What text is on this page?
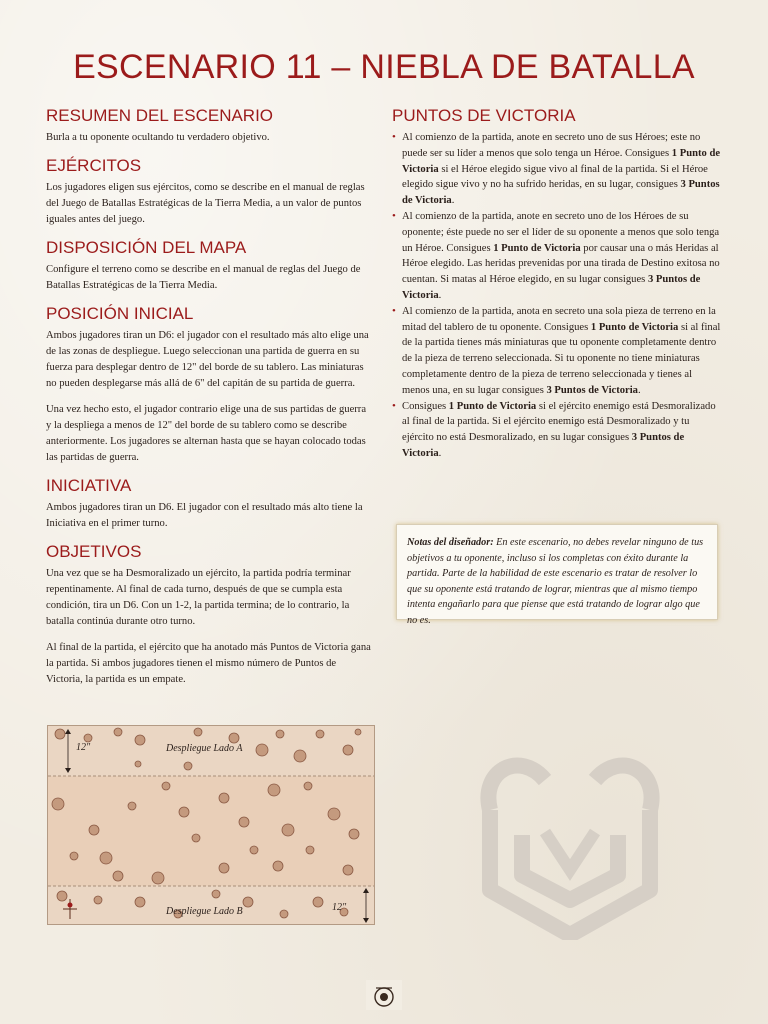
ESCENARIO 11 – NIEBLA DE BATALLA
RESUMEN DEL ESCENARIO

Burla a tu oponente ocultando tu verdadero objetivo.

EJÉRCITOS

Los jugadores eligen sus ejércitos, como se describe en el manual de reglas del Juego de Batallas Estratégicas de la Tierra Media, a un valor de puntos iguales antes del juego.

DISPOSICIÓN DEL MAPA

Configure el terreno como se describe en el manual de reglas del Juego de Batallas Estratégicas de la Tierra Media.

POSICIÓN INICIAL

Ambos jugadores tiran un D6: el jugador con el resultado más alto elige una de las zonas de despliegue. Luego seleccionan una partida de guerra en su fuerza para desplegar dentro de 12" del borde de su tablero. Las miniaturas no pueden desplegarse más allá de 6" del capitán de su partida de guerra.

Una vez hecho esto, el jugador contrario elige una de sus partidas de guerra y la despliega a menos de 12" del borde de su tablero como se describe anteriormente. Los jugadores se alternan hasta que se hayan colocado todas las partidas de guerra.

INICIATIVA

Ambos jugadores tiran un D6. El jugador con el resultado más alto tiene la Iniciativa en el primer turno.

OBJETIVOS

Una vez que se ha Desmoralizado un ejército, la partida podría terminar repentinamente. Al final de cada turno, después de que se cumpla esta condición, tira un D6. Con un 1-2, la partida termina; de lo contrario, la batalla continúa durante otro turno.

Al final de la partida, el ejército que ha anotado más Puntos de Victoria gana la partida. Si ambos jugadores tienen el mismo número de Puntos de Victoria, la partida es un empate.

PUNTOS DE VICTORIA
• Al comienzo de la partida, anote en secreto uno de sus Héroes; este no puede ser su líder a menos que solo tenga un Héroe. Consigues 1 Punto de Victoria si el Héroe elegido sigue vivo al final de la partida. Si el Héroe elegido sigue vivo y no ha sufrido heridas, en su lugar, consigues 3 Puntos de Victoria.
• Al comienzo de la partida, anote en secreto uno de los Héroes de su oponente; éste puede no ser el líder de su oponente a menos que solo tenga un Héroe. Consigues 1 Punto de Victoria por causar una o más Heridas al Héroe elegido. Las heridas prevenidas por una tirada de Destino exitosa no cuentan. Si matas al Héroe elegido, en su lugar consigues 3 Puntos de Victoria.
• Al comienzo de la partida, anota en secreto una sola pieza de terreno en la mitad del tablero de tu oponente. Consigues 1 Punto de Victoria si al final de la partida tienes más miniaturas que tu oponente completamente dentro de la pieza de terreno seleccionada. Si tu oponente no tiene miniaturas completamente dentro de la pieza de terreno seleccionada y tienes al menos una, en su lugar consigues 3 Puntos de Victoria.
• Consigues 1 Punto de Victoria si el ejército enemigo está Desmoralizado al final de la partida. Si el ejército enemigo está Desmoralizado y tu ejército no está Desmoralizado, en su lugar consigues 3 Puntos de Victoria.
Notas del diseñador: En este escenario, no debes revelar ninguno de tus objetivos a tu oponente, incluso si los completas con éxito durante la partida. Parte de la habilidad de este escenario es tratar de resolver lo que su oponente está tratando de lograr, mientras que al mismo tiempo intenta engañarlo para que piense que está tratando de lograr algo que no es.
12"	Despliegue Lado A
Despliegue Lado B	12"
